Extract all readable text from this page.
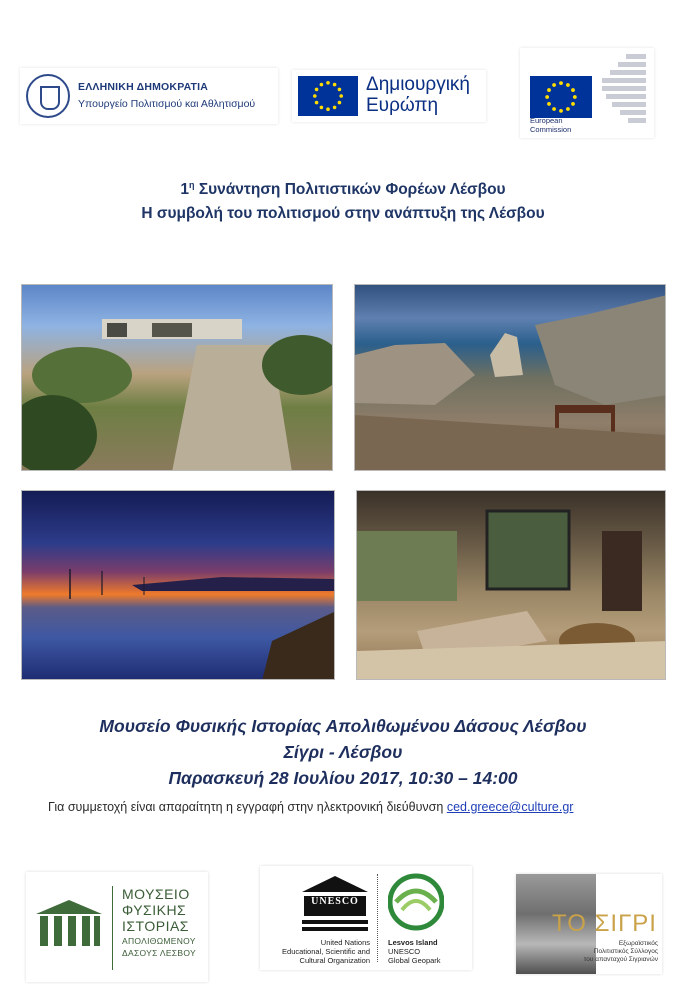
ΕΛΛΗΝΙΚΗ ΔΗΜΟΚΡΑΤΙΑ
Υπουργείο Πολιτισμού και Αθλητισμού
Δημιουργική
Ευρώπη
European
Commission
$1^\eta$ Συνάντηση Πολιτιστικών Φορέων Λέσβου
Η συμβολή του πολιτισμού στην ανάπτυξη της Λέσβου
Μουσείο Φυσικής Ιστορίας Απολιθωμένου Δάσους Λέσβου
Σίγρι - Λέσβου
Παρασκευή 28 Ιουλίου 2017, 10:30 – 14:00
Για συμμετοχή είναι απαραίτητη η εγγραφή στην ηλεκτρονική διεύθυνση ced.greece@culture.gr
ΜΟΥΣΕΙΟ
ΦΥΣΙΚΗΣ
ΙΣΤΟΡΙΑΣ
ΑΠΟΛΙΘΩΜΕΝΟΥ
ΔΑΣΟΥΣ ΛΕΣΒΟΥ
UNESCO
United Nations
Educational, Scientific and
Cultural Organization
Lesvos Island
UNESCO
Global Geopark
ΤΟ ΣΙΓΡΙ
Εξωραϊστικός
Πολιτιστικός Σύλλογος
του απανταχού Σιγριανών
